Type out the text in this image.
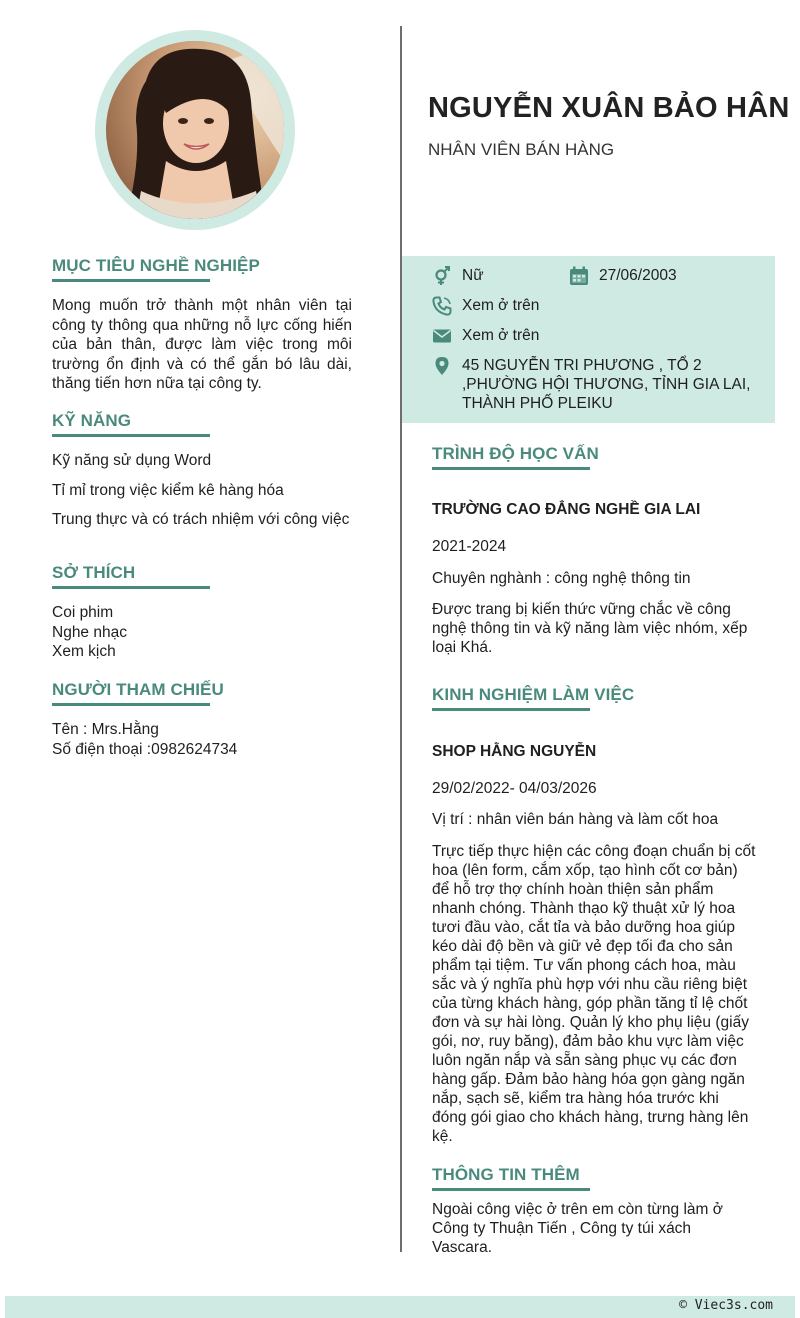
MỤC TIÊU NGHỀ NGHIỆP
Mong muốn trở thành một nhân viên tại công ty thông qua những nỗ lực cống hiến của bản thân, được làm việc trong môi trường ổn định và có thể gắn bó lâu dài, thăng tiến hơn nữa tại công ty.
KỸ NĂNG
Kỹ năng sử dụng Word
Tỉ mỉ trong việc kiểm kê hàng hóa
Trung thực và có trách nhiệm với công việc
SỞ THÍCH
Coi phim
Nghe nhạc
Xem kịch
NGƯỜI THAM CHIẾU
Tên : Mrs.Hằng
Số điện thoại :0982624734
NGUYỄN XUÂN BẢO HÂN
NHÂN VIÊN BÁN HÀNG
Nữ	27/06/2003
Xem ở trên
Xem ở trên
45 NGUYỄN TRI PHƯƠNG , TỔ 2 ,PHƯỜNG HỘI THƯƠNG, TỈNH GIA LAI, THÀNH PHỐ PLEIKU
TRÌNH ĐỘ HỌC VẤN
TRƯỜNG CAO ĐẲNG NGHỀ GIA LAI
2021-2024
Chuyên nghành : công nghệ thông tin
Được trang bị kiến thức vững chắc về công nghệ thông tin và kỹ năng làm việc nhóm, xếp loại Khá.
KINH NGHIỆM LÀM VIỆC
SHOP HẰNG NGUYỄN
29/02/2022- 04/03/2026
Vị trí : nhân viên bán hàng và làm cốt hoa
Trực tiếp thực hiện các công đoạn chuẩn bị cốt hoa (lên form, cắm xốp, tạo hình cốt cơ bản) để hỗ trợ thợ chính hoàn thiện sản phẩm nhanh chóng. Thành thạo kỹ thuật xử lý hoa tươi đầu vào, cắt tỉa và bảo dưỡng hoa giúp kéo dài độ bền và giữ vẻ đẹp tối đa cho sản phẩm tại tiệm. Tư vấn phong cách hoa, màu sắc và ý nghĩa phù hợp với nhu cầu riêng biệt của từng khách hàng, góp phần tăng tỉ lệ chốt đơn và sự hài lòng. Quản lý kho phụ liệu (giấy gói, nơ, ruy băng), đảm bảo khu vực làm việc luôn ngăn nắp và sẵn sàng phục vụ các đơn hàng gấp. Đảm bảo hàng hóa gọn gàng ngăn nắp, sạch sẽ, kiểm tra hàng hóa trước khi đóng gói giao cho khách hàng, trưng hàng lên kệ.
THÔNG TIN THÊM
Ngoài công việc ở trên em còn từng làm ở Công ty Thuận Tiến , Công ty túi xách Vascara.
© Viec3s.com
